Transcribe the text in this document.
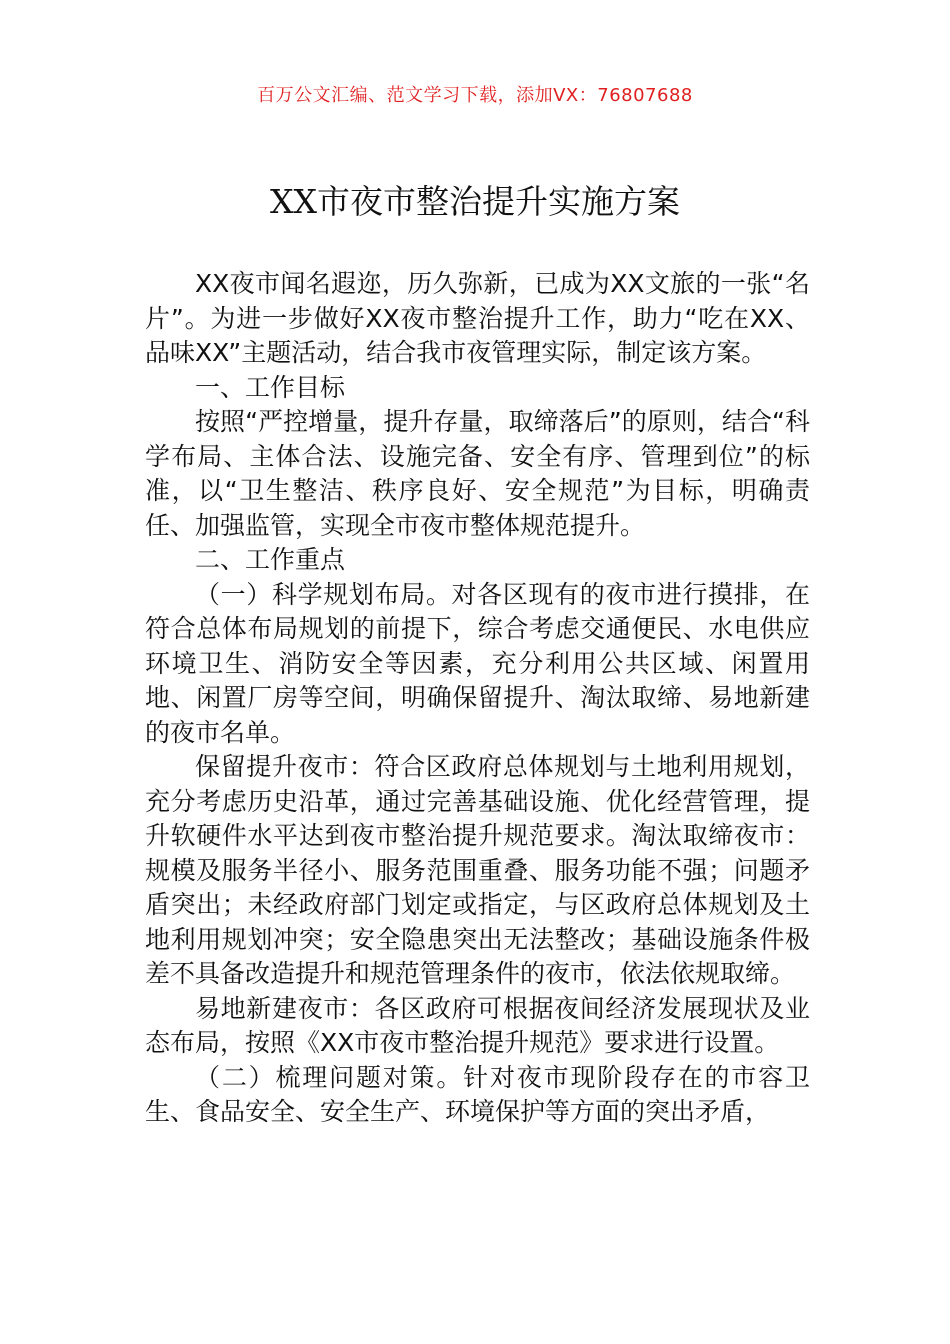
百万公文汇编、范文学习下载，添加VX：76807688
XX市夜市整治提升实施方案

XX夜市闻名遐迩，历久弥新，已成为XX文旅的一张“名片”。为进一步做好XX夜市整治提升工作，助力“吃在XX、品味XX”主题活动，结合我市夜管理实际，制定该方案。

一、工作目标

按照“严控增量，提升存量，取缔落后”的原则，结合“科学布局、主体合法、设施完备、安全有序、管理到位”的标准，以“卫生整洁、秩序良好、安全规范”为目标，明确责任、加强监管，实现全市夜市整体规范提升。

二、工作重点

（一）科学规划布局。对各区现有的夜市进行摸排，在符合总体布局规划的前提下，综合考虑交通便民、水电供应环境卫生、消防安全等因素，充分利用公共区域、闲置用地、闲置厂房等空间，明确保留提升、淘汰取缔、易地新建的夜市名单。

保留提升夜市：符合区政府总体规划与土地利用规划，充分考虑历史沿革，通过完善基础设施、优化经营管理，提升软硬件水平达到夜市整治提升规范要求。淘汰取缔夜市：规模及服务半径小、服务范围重叠、服务功能不强；问题矛盾突出；未经政府部门划定或指定，与区政府总体规划及土地利用规划冲突；安全隐患突出无法整改；基础设施条件极差不具备改造提升和规范管理条件的夜市，依法依规取缔。

易地新建夜市：各区政府可根据夜间经济发展现状及业态布局，按照《XX市夜市整治提升规范》要求进行设置。

（二）梳理问题对策。针对夜市现阶段存在的市容卫生、食品安全、安全生产、环境保护等方面的突出矛盾，
